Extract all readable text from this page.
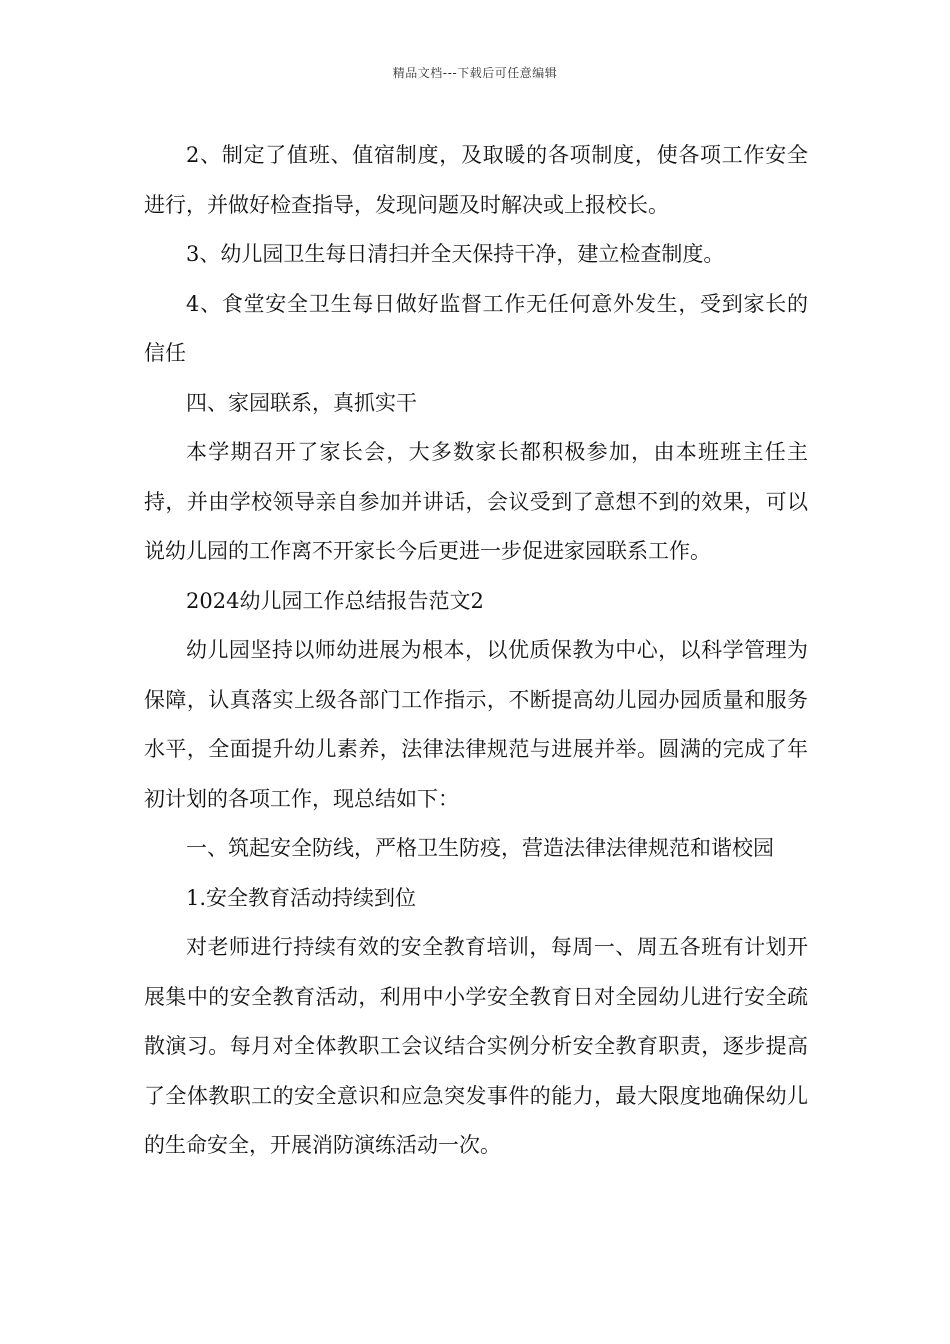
精品文档---下载后可任意编辑

2、制定了值班、值宿制度，及取暖的各项制度，使各项工作安全进行，并做好检查指导，发现问题及时解决或上报校长。

3、幼儿园卫生每日清扫并全天保持干净，建立检查制度。

4、食堂安全卫生每日做好监督工作无任何意外发生，受到家长的信任

四、家园联系，真抓实干

本学期召开了家长会，大多数家长都积极参加，由本班班主任主持，并由学校领导亲自参加并讲话，会议受到了意想不到的效果，可以说幼儿园的工作离不开家长今后更进一步促进家园联系工作。

2024幼儿园工作总结报告范文2

幼儿园坚持以师幼进展为根本，以优质保教为中心，以科学管理为保障，认真落实上级各部门工作指示，不断提高幼儿园办园质量和服务水平，全面提升幼儿素养，法律法律规范与进展并举。圆满的完成了年初计划的各项工作，现总结如下：

一、筑起安全防线，严格卫生防疫，营造法律法律规范和谐校园

1.安全教育活动持续到位

对老师进行持续有效的安全教育培训，每周一、周五各班有计划开展集中的安全教育活动，利用中小学安全教育日对全园幼儿进行安全疏散演习。每月对全体教职工会议结合实例分析安全教育职责，逐步提高了全体教职工的安全意识和应急突发事件的能力，最大限度地确保幼儿的生命安全，开展消防演练活动一次。
